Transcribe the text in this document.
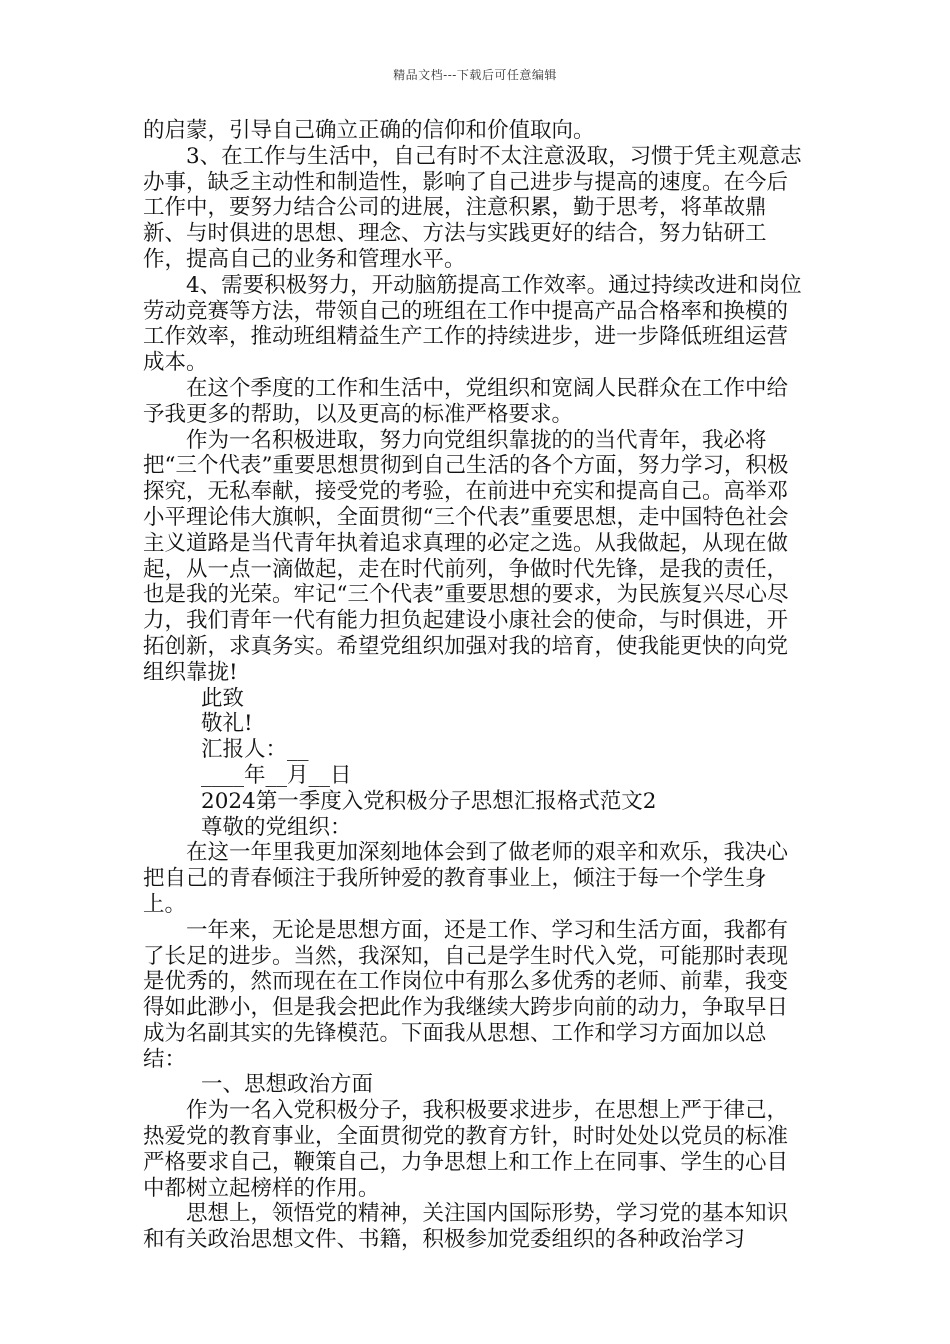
精品文档---下载后可任意编辑

的启蒙，引导自己确立正确的信仰和价值取向。

3、在工作与生活中，自己有时不太注意汲取，习惯于凭主观意志办事，缺乏主动性和制造性，影响了自己进步与提高的速度。在今后工作中，要努力结合公司的进展，注意积累，勤于思考，将革故鼎新、与时俱进的思想、理念、方法与实践更好的结合，努力钻研工作，提高自己的业务和管理水平。

4、需要积极努力，开动脑筋提高工作效率。通过持续改进和岗位劳动竞赛等方法，带领自己的班组在工作中提高产品合格率和换模的工作效率，推动班组精益生产工作的持续进步，进一步降低班组运营成本。

在这个季度的工作和生活中，党组织和宽阔人民群众在工作中给予我更多的帮助，以及更高的标准严格要求。

作为一名积极进取，努力向党组织靠拢的的当代青年，我必将把“三个代表”重要思想贯彻到自己生活的各个方面，努力学习，积极探究，无私奉献，接受党的考验，在前进中充实和提高自己。高举邓小平理论伟大旗帜，全面贯彻“三个代表”重要思想，走中国特色社会主义道路是当代青年执着追求真理的必定之选。从我做起，从现在做起，从一点一滴做起，走在时代前列，争做时代先锋，是我的责任，也是我的光荣。牢记“三个代表”重要思想的要求，为民族复兴尽心尽力，我们青年一代有能力担负起建设小康社会的使命，与时俱进，开拓创新，求真务实。希望党组织加强对我的培育，使我能更快的向党组织靠拢!

此致

敬礼!

汇报人：__

____年__月__日

2024第一季度入党积极分子思想汇报格式范文2

尊敬的党组织：

在这一年里我更加深刻地体会到了做老师的艰辛和欢乐，我决心把自己的青春倾注于我所钟爱的教育事业上，倾注于每一个学生身上。

一年来，无论是思想方面，还是工作、学习和生活方面，我都有了长足的进步。当然，我深知，自己是学生时代入党，可能那时表现是优秀的，然而现在在工作岗位中有那么多优秀的老师、前辈，我变得如此渺小，但是我会把此作为我继续大跨步向前的动力，争取早日成为名副其实的先锋模范。下面我从思想、工作和学习方面加以总结：

一、思想政治方面

作为一名入党积极分子，我积极要求进步，在思想上严于律己，热爱党的教育事业，全面贯彻党的教育方针，时时处处以党员的标准严格要求自己，鞭策自己，力争思想上和工作上在同事、学生的心目中都树立起榜样的作用。

思想上，领悟党的精神，关注国内国际形势，学习党的基本知识和有关政治思想文件、书籍，积极参加党委组织的各种政治学习
